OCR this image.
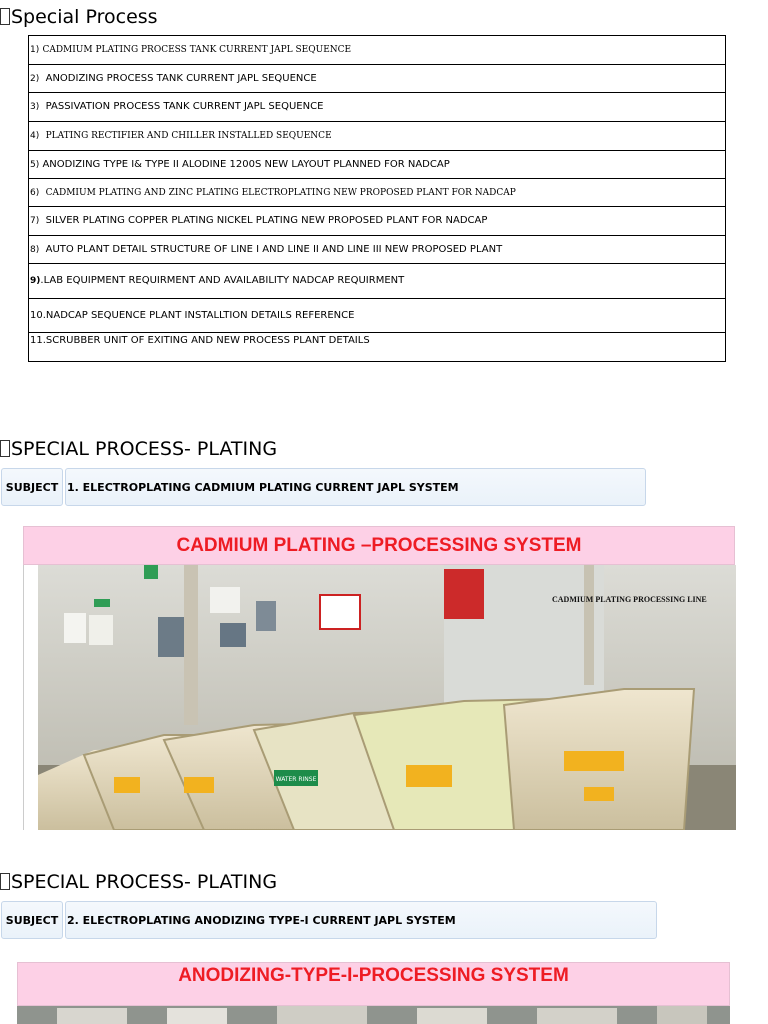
Special Process
1) CADMIUM PLATING PROCESS TANK CURRENT JAPL SEQUENCE
2) ANODIZING PROCESS TANK CURRENT JAPL SEQUENCE
3) PASSIVATION PROCESS TANK CURRENT JAPL SEQUENCE
4) PLATING RECTIFIER AND CHILLER INSTALLED SEQUENCE
5) ANODIZING TYPE I& TYPE II ALODINE 1200S NEW LAYOUT PLANNED FOR NADCAP
6) CADMIUM PLATING AND ZINC PLATING ELECTROPLATING NEW PROPOSED PLANT FOR NADCAP
7) SILVER PLATING COPPER PLATING NICKEL PLATING NEW PROPOSED PLANT FOR NADCAP
8) AUTO PLANT DETAIL STRUCTURE OF LINE I AND LINE II AND LINE III NEW PROPOSED PLANT
9).LAB EQUIPMENT REQUIRMENT AND AVAILABILITY NADCAP REQUIRMENT
10.NADCAP SEQUENCE PLANT INSTALLTION DETAILS REFERENCE
11.SCRUBBER UNIT OF EXITING AND NEW PROCESS PLANT DETAILS
SPECIAL PROCESS- PLATING
SUBJECT 1. ELECTROPLATING CADMIUM PLATING CURRENT JAPL SYSTEM
CADMIUM PLATING –PROCESSING SYSTEM
WATER RINSE
CADMIUM PLATING PROCESSING LINE
SPECIAL PROCESS- PLATING
SUBJECT 2. ELECTROPLATING ANODIZING TYPE-I CURRENT JAPL SYSTEM
ANODIZING-TYPE-I-PROCESSING SYSTEM
